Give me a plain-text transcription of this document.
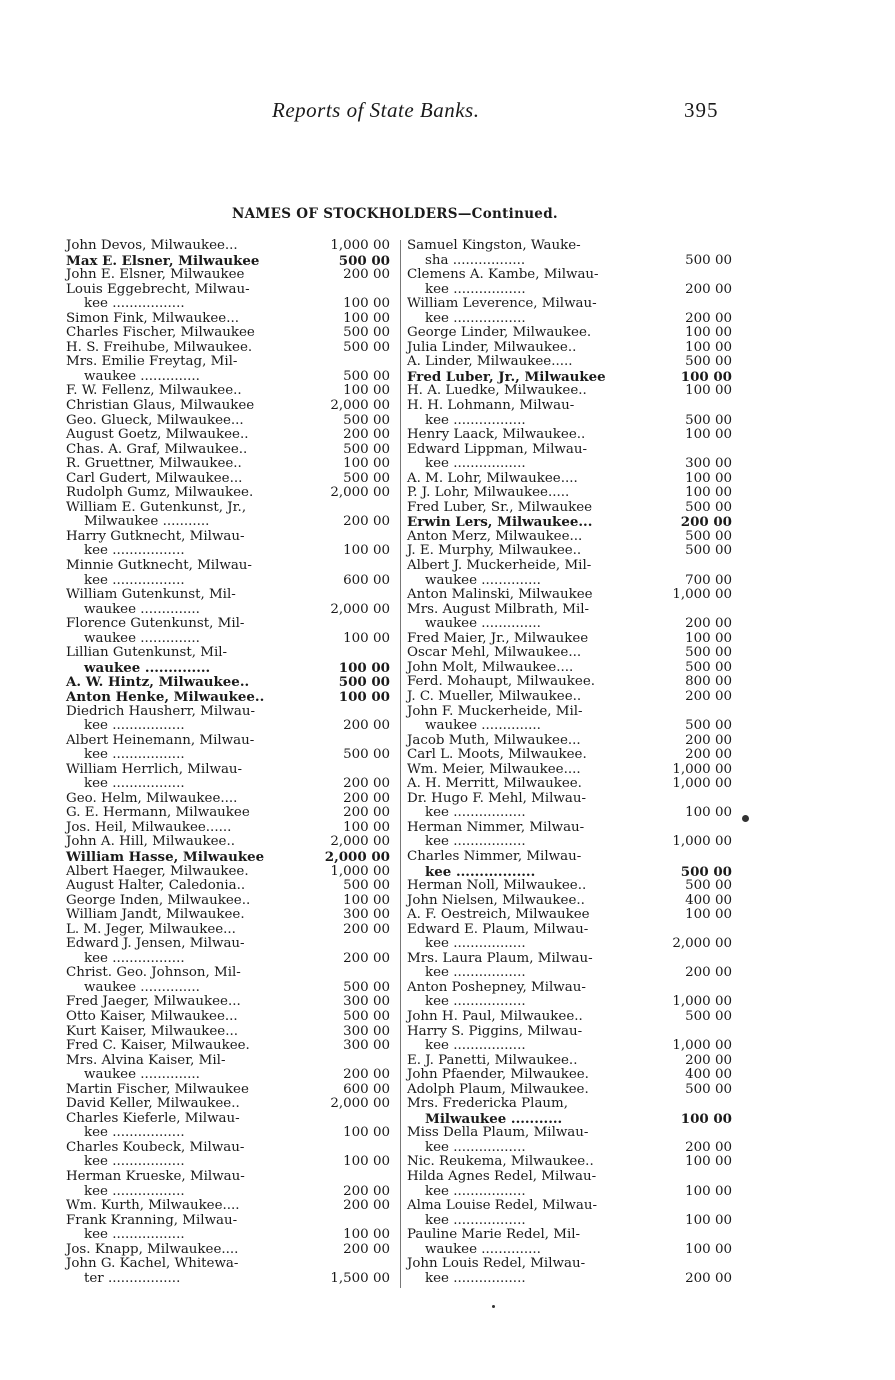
Reports of State Banks.	395
NAMES OF STOCKHOLDERS—Continued.
John Devos, Milwaukee...	1,000 00
Max E. Elsner, Milwaukee	500 00
John E. Elsner, Milwaukee	200 00
Louis Eggebrecht, Milwau-
kee .................	100 00
Simon Fink, Milwaukee...	100 00
Charles Fischer, Milwaukee	500 00
H. S. Freihube, Milwaukee.	500 00
Mrs. Emilie Freytag, Mil-
waukee ..............	500 00
F. W. Fellenz, Milwaukee..	100 00
Christian Glaus, Milwaukee	2,000 00
Geo. Glueck, Milwaukee...	500 00
August Goetz, Milwaukee..	200 00
Chas. A. Graf, Milwaukee..	500 00
R. Gruettner, Milwaukee..	100 00
Carl Gudert, Milwaukee...	500 00
Rudolph Gumz, Milwaukee.	2,000 00
William E. Gutenkunst, Jr.,
Milwaukee ...........	200 00
Harry Gutknecht, Milwau-
kee .................	100 00
Minnie Gutknecht, Milwau-
kee .................	600 00
William Gutenkunst, Mil-
waukee ..............	2,000 00
Florence Gutenkunst, Mil-
waukee ..............	100 00
Lillian Gutenkunst, Mil-
waukee ..............	100 00
A. W. Hintz, Milwaukee..	500 00
Anton Henke, Milwaukee..	100 00
Diedrich Hausherr, Milwau-
kee .................	200 00
Albert Heinemann, Milwau-
kee .................	500 00
William Herrlich, Milwau-
kee .................	200 00
Geo. Helm, Milwaukee....	200 00
G. E. Hermann, Milwaukee	200 00
Jos. Heil, Milwaukee......	100 00
John A. Hill, Milwaukee..	2,000 00
William Hasse, Milwaukee	2,000 00
Albert Haeger, Milwaukee.	1,000 00
August Halter, Caledonia..	500 00
George Inden, Milwaukee..	100 00
William Jandt, Milwaukee.	300 00
L. M. Jeger, Milwaukee...	200 00
Edward J. Jensen, Milwau-
kee .................	200 00
Christ. Geo. Johnson, Mil-
waukee ..............	500 00
Fred Jaeger, Milwaukee...	300 00
Otto Kaiser, Milwaukee...	500 00
Kurt Kaiser, Milwaukee...	300 00
Fred C. Kaiser, Milwaukee.	300 00
Mrs. Alvina Kaiser, Mil-
waukee ..............	200 00
Martin Fischer, Milwaukee	600 00
David Keller, Milwaukee..	2,000 00
Charles Kieferle, Milwau-
kee .................	100 00
Charles Koubeck, Milwau-
kee .................	100 00
Herman Krueske, Milwau-
kee .................	200 00
Wm. Kurth, Milwaukee....	200 00
Frank Kranning, Milwau-
kee .................	100 00
Jos. Knapp, Milwaukee....	200 00
John G. Kachel, Whitewa-
ter .................	1,500 00
Samuel Kingston, Wauke-
sha .................	500 00
Clemens A. Kambe, Milwau-
kee .................	200 00
William Leverence, Milwau-
kee .................	200 00
George Linder, Milwaukee.	100 00
Julia Linder, Milwaukee..	100 00
A. Linder, Milwaukee.....	500 00
Fred Luber, Jr., Milwaukee	100 00
H. A. Luedke, Milwaukee..	100 00
H. H. Lohmann, Milwau-
kee .................	500 00
Henry Laack, Milwaukee..	100 00
Edward Lippman, Milwau-
kee .................	300 00
A. M. Lohr, Milwaukee....	100 00
P. J. Lohr, Milwaukee.....	100 00
Fred Luber, Sr., Milwaukee	500 00
Erwin Lers, Milwaukee...	200 00
Anton Merz, Milwaukee...	500 00
J. E. Murphy, Milwaukee..	500 00
Albert J. Muckerheide, Mil-
waukee ..............	700 00
Anton Malinski, Milwaukee	1,000 00
Mrs. August Milbrath, Mil-
waukee ..............	200 00
Fred Maier, Jr., Milwaukee	100 00
Oscar Mehl, Milwaukee...	500 00
John Molt, Milwaukee....	500 00
Ferd. Mohaupt, Milwaukee.	800 00
J. C. Mueller, Milwaukee..	200 00
John F. Muckerheide, Mil-
waukee ..............	500 00
Jacob Muth, Milwaukee...	200 00
Carl L. Moots, Milwaukee.	200 00
Wm. Meier, Milwaukee....	1,000 00
A. H. Merritt, Milwaukee.	1,000 00
Dr. Hugo F. Mehl, Milwau-
kee .................	100 00
Herman Nimmer, Milwau-
kee .................	1,000 00
Charles Nimmer, Milwau-
kee .................	500 00
Herman Noll, Milwaukee..	500 00
John Nielsen, Milwaukee..	400 00
A. F. Oestreich, Milwaukee	100 00
Edward E. Plaum, Milwau-
kee .................	2,000 00
Mrs. Laura Plaum, Milwau-
kee .................	200 00
Anton Poshepney, Milwau-
kee .................	1,000 00
John H. Paul, Milwaukee..	500 00
Harry S. Piggins, Milwau-
kee .................	1,000 00
E. J. Panetti, Milwaukee..	200 00
John Pfaender, Milwaukee.	400 00
Adolph Plaum, Milwaukee.	500 00
Mrs. Fredericka Plaum,
Milwaukee ...........	100 00
Miss Della Plaum, Milwau-
kee .................	200 00
Nic. Reukema, Milwaukee..	100 00
Hilda Agnes Redel, Milwau-
kee .................	100 00
Alma Louise Redel, Milwau-
kee .................	100 00
Pauline Marie Redel, Mil-
waukee ..............	100 00
John Louis Redel, Milwau-
kee .................	200 00
